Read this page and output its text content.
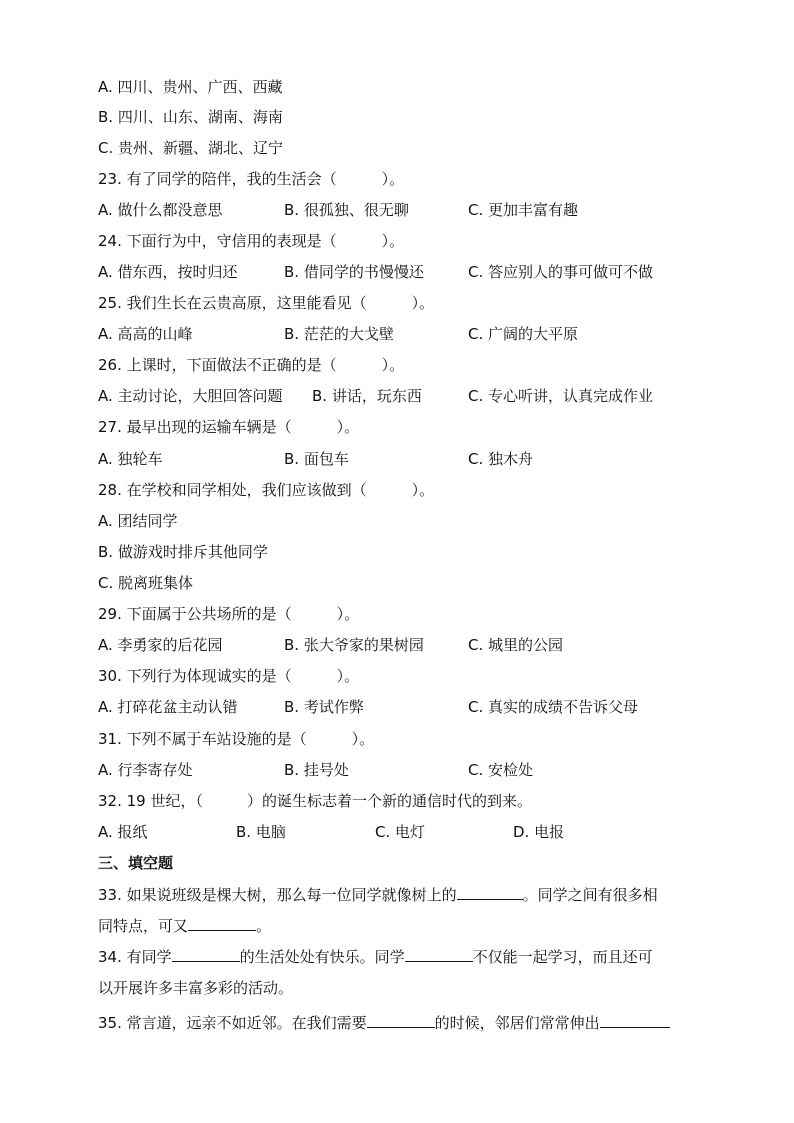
A. 四川、贵州、广西、西藏
B. 四川、山东、湖南、海南
C. 贵州、新疆、湖北、辽宁
23. 有了同学的陪伴，我的生活会（　　　）。
A. 做什么都没意思	B. 很孤独、很无聊	C. 更加丰富有趣
24. 下面行为中，守信用的表现是（　　　）。
A. 借东西，按时归还	B. 借同学的书慢慢还	C. 答应别人的事可做可不做
25. 我们生长在云贵高原，这里能看见（　　　）。
A. 高高的山峰	B. 茫茫的大戈壁	C. 广阔的大平原
26. 上课时，下面做法不正确的是（　　　）。
A. 主动讨论，大胆回答问题 B. 讲话，玩东西	C. 专心听讲，认真完成作业
27. 最早出现的运输车辆是（　　　）。
A. 独轮车	B. 面包车	C. 独木舟
28. 在学校和同学相处，我们应该做到（　　　）。
A. 团结同学
B. 做游戏时排斥其他同学
C. 脱离班集体
29. 下面属于公共场所的是（　　　）。
A. 李勇家的后花园	B. 张大爷家的果树园	C. 城里的公园
30. 下列行为体现诚实的是（　　　）。
A. 打碎花盆主动认错	B. 考试作弊	C. 真实的成绩不告诉父母
31. 下列不属于车站设施的是（　　　）。
A. 行李寄存处	B. 挂号处	C. 安检处
32. 19 世纪，（	）的诞生标志着一个新的通信时代的到来。
A. 报纸	B. 电脑	C. 电灯	D. 电报
三、填空题
33. 如果说班级是棵大树，那么每一位同学就像树上的	。同学之间有很多相
同特点，可又	。
34. 有同学	的生活处处有快乐。同学	不仅能一起学习，而且还可
以开展许多丰富多彩的活动。
35. 常言道，远亲不如近邻。在我们需要	的时候，邻居们常常伸出
